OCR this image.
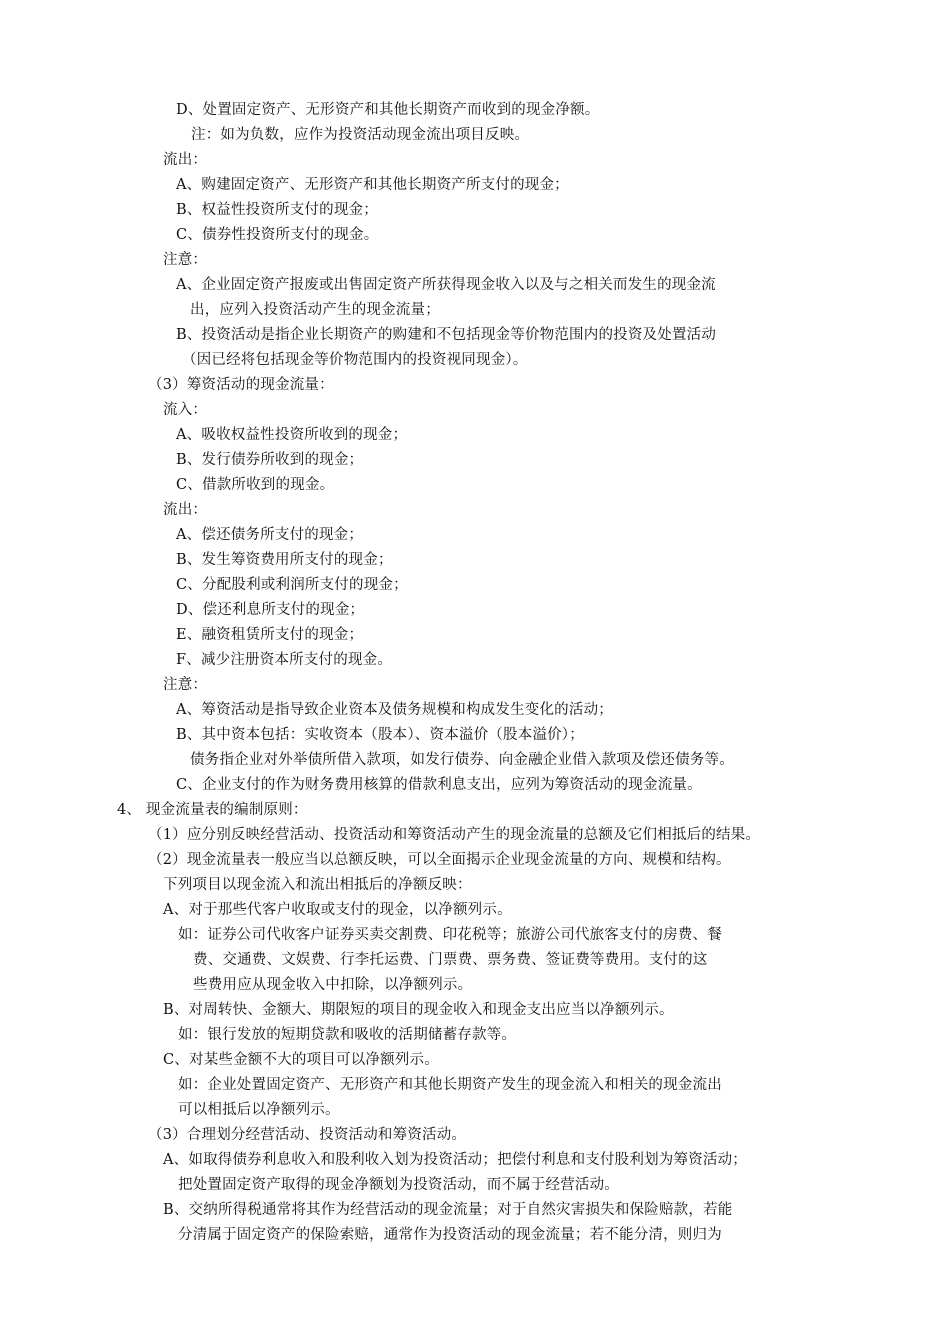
D、处置固定资产、无形资产和其他长期资产而收到的现金净额。
注：如为负数，应作为投资活动现金流出项目反映。
流出：
A、购建固定资产、无形资产和其他长期资产所支付的现金；
B、权益性投资所支付的现金；
C、债券性投资所支付的现金。
注意：
A、企业固定资产报废或出售固定资产所获得现金收入以及与之相关而发生的现金流
出，应列入投资活动产生的现金流量；
B、投资活动是指企业长期资产的购建和不包括现金等价物范围内的投资及处置活动
（因已经将包括现金等价物范围内的投资视同现金）。
（3）筹资活动的现金流量：
流入：
A、吸收权益性投资所收到的现金；
B、发行债券所收到的现金；
C、借款所收到的现金。
流出：
A、偿还债务所支付的现金；
B、发生筹资费用所支付的现金；
C、分配股利或利润所支付的现金；
D、偿还利息所支付的现金；
E、融资租赁所支付的现金；
F、减少注册资本所支付的现金。
注意：
A、筹资活动是指导致企业资本及债务规模和构成发生变化的活动；
B、其中资本包括：实收资本（股本）、资本溢价（股本溢价）；
债务指企业对外举债所借入款项，如发行债券、向金融企业借入款项及偿还债务等。
C、企业支付的作为财务费用核算的借款利息支出，应列为筹资活动的现金流量。
4、 现金流量表的编制原则：
（1）应分别反映经营活动、投资活动和筹资活动产生的现金流量的总额及它们相抵后的结果。
（2）现金流量表一般应当以总额反映，可以全面揭示企业现金流量的方向、规模和结构。
下列项目以现金流入和流出相抵后的净额反映：
A、对于那些代客户收取或支付的现金，以净额列示。
如：证券公司代收客户证券买卖交割费、印花税等；旅游公司代旅客支付的房费、餐
费、交通费、文娱费、行李托运费、门票费、票务费、签证费等费用。支付的这
些费用应从现金收入中扣除，以净额列示。
B、对周转快、金额大、期限短的项目的现金收入和现金支出应当以净额列示。
如：银行发放的短期贷款和吸收的活期储蓄存款等。
C、对某些金额不大的项目可以净额列示。
如：企业处置固定资产、无形资产和其他长期资产发生的现金流入和相关的现金流出
可以相抵后以净额列示。
（3）合理划分经营活动、投资活动和筹资活动。
A、如取得债券利息收入和股利收入划为投资活动；把偿付利息和支付股利划为筹资活动；
把处置固定资产取得的现金净额划为投资活动，而不属于经营活动。
B、交纳所得税通常将其作为经营活动的现金流量；对于自然灾害损失和保险赔款，若能
分清属于固定资产的保险索赔，通常作为投资活动的现金流量；若不能分清，则归为
